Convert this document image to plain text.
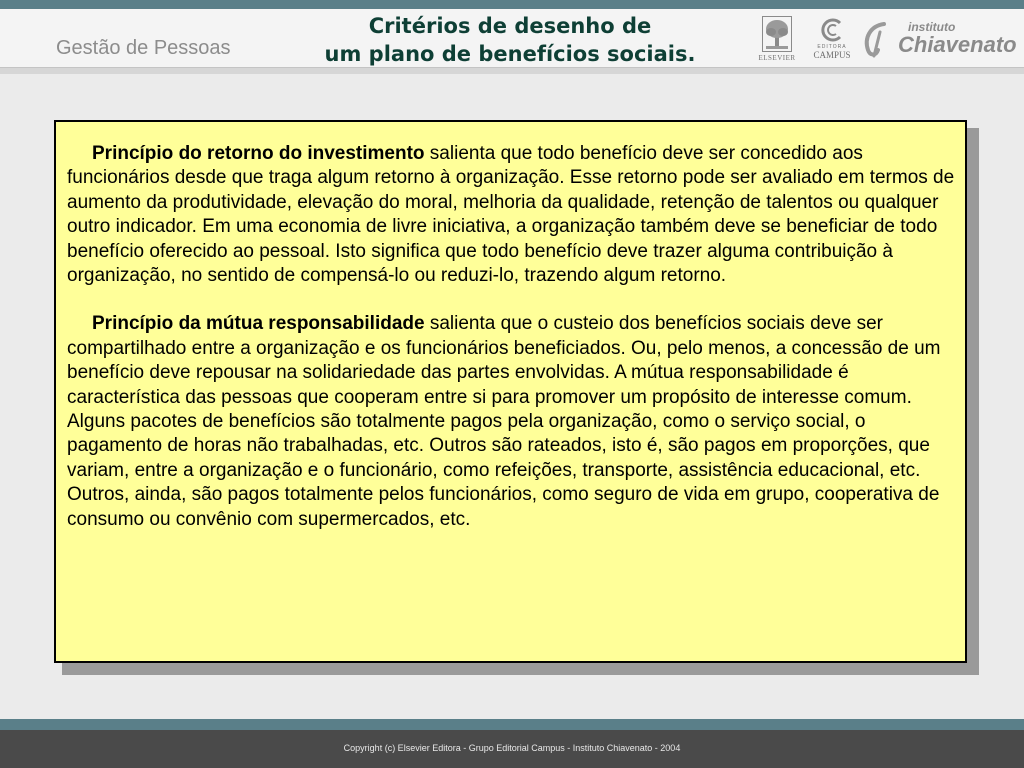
Gestão de Pessoas
Critérios de desenho de
um plano de benefícios sociais.	ELSEVIER
EDITORA
CAMPUS
instituto
Chiavenato

Princípio do retorno do investimento salienta que todo benefício deve ser concedido aos funcionários desde que traga algum retorno à organização. Esse retorno pode ser avaliado em termos de aumento da produtividade, elevação do moral, melhoria da qualidade, retenção de talentos ou qualquer outro indicador. Em uma economia de livre iniciativa, a organização também deve se beneficiar de todo benefício oferecido ao pessoal. Isto significa que todo benefício deve trazer alguma contribuição à organização, no sentido de compensá-lo ou reduzi-lo, trazendo algum retorno.

Princípio da mútua responsabilidade salienta que o custeio dos benefícios sociais deve ser compartilhado entre a organização e os funcionários beneficiados. Ou, pelo menos, a concessão de um benefício deve repousar na solidariedade das partes envolvidas. A mútua responsabilidade é característica das pessoas que cooperam entre si para promover um propósito de interesse comum. Alguns pacotes de benefícios são totalmente pagos pela organização, como o serviço social, o pagamento de horas não trabalhadas, etc. Outros são rateados, isto é, são pagos em proporções, que variam, entre a organização e o funcionário, como refeições, transporte, assistência educacional, etc. Outros, ainda, são pagos totalmente pelos funcionários, como seguro de vida em grupo, cooperativa de consumo ou convênio com supermercados, etc.

Copyright (c) Elsevier Editora - Grupo Editorial Campus - Instituto Chiavenato - 2004
